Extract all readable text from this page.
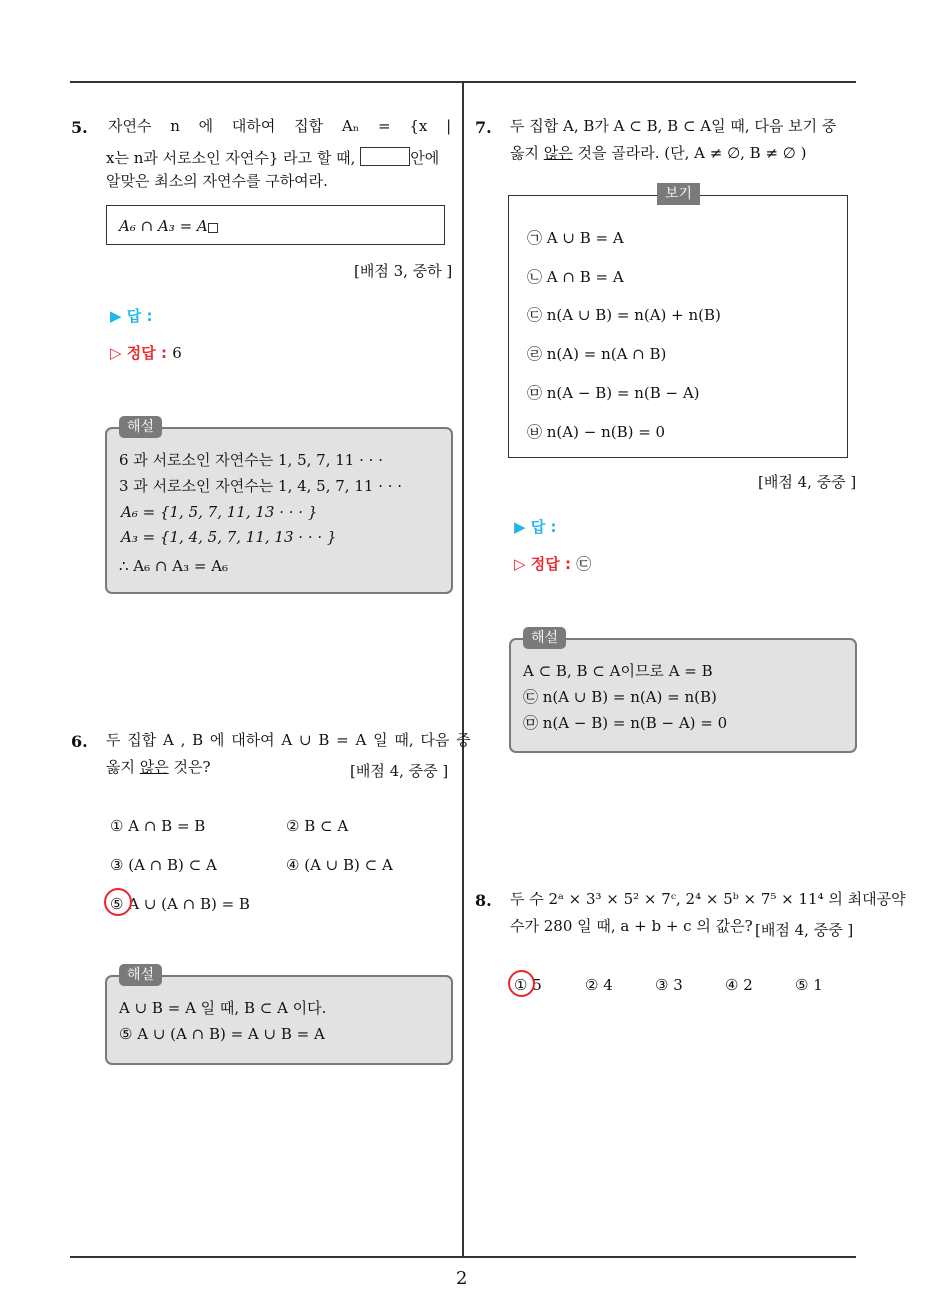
2
5. 자연수 n 에 대하여 집합 Aₙ = {x |
x는 n과 서로소인 자연수} 라고 할 때,	안에
알맞은 최소의 자연수를 구하여라.
A₆ ∩ A₃ = A
[배점 3, 중하 ]
▶ 답 :
▷ 정답 : 6
6 과 서로소인 자연수는 1, 5, 7, 11 · · ·
3 과 서로소인 자연수는 1, 4, 5, 7, 11 · · ·
A₆ = {1, 5, 7, 11, 13 · · · }
A₃ = {1, 4, 5, 7, 11, 13 · · · }
∴ A₆ ∩ A₃ = A₆
해설
6. 두 집합 A , B 에 대하여 A ∪ B = A 일 때, 다음 중
옳지 않은 것은?	[배점 4, 중중 ]
① A ∩ B = B	② B ⊂ A
③ (A ∩ B) ⊂ A	④ (A ∪ B) ⊂ A
⑤ A ∪ (A ∩ B) = B
A ∪ B = A 일 때, B ⊂ A 이다.
⑤ A ∪ (A ∩ B) = A ∪ B = A
해설
7. 두 집합 A, B가 A ⊂ B, B ⊂ A일 때, 다음 보기 중
옳지 않은 것을 골라라. (단, A ≠ ∅, B ≠ ∅ )
㉠ A ∪ B = A
㉡ A ∩ B = A
㉢ n(A ∪ B) = n(A) + n(B)
㉣ n(A) = n(A ∩ B)
㉤ n(A − B) = n(B − A)
㉥ n(A) − n(B) = 0
보기
[배점 4, 중중 ]
▶ 답 :
▷ 정답 : ㉢
A ⊂ B, B ⊂ A이므로 A = B
㉢ n(A ∪ B) = n(A) = n(B)
㉤ n(A − B) = n(B − A) = 0
해설
8. 두 수 2ᵃ × 3³ × 5² × 7ᶜ, 2⁴ × 5ᵇ × 7⁵ × 11⁴ 의 최대공약
수가 280 일 때, a + b + c 의 값은? [배점 4, 중중 ]
① 5	② 4	③ 3	④ 2	⑤ 1
